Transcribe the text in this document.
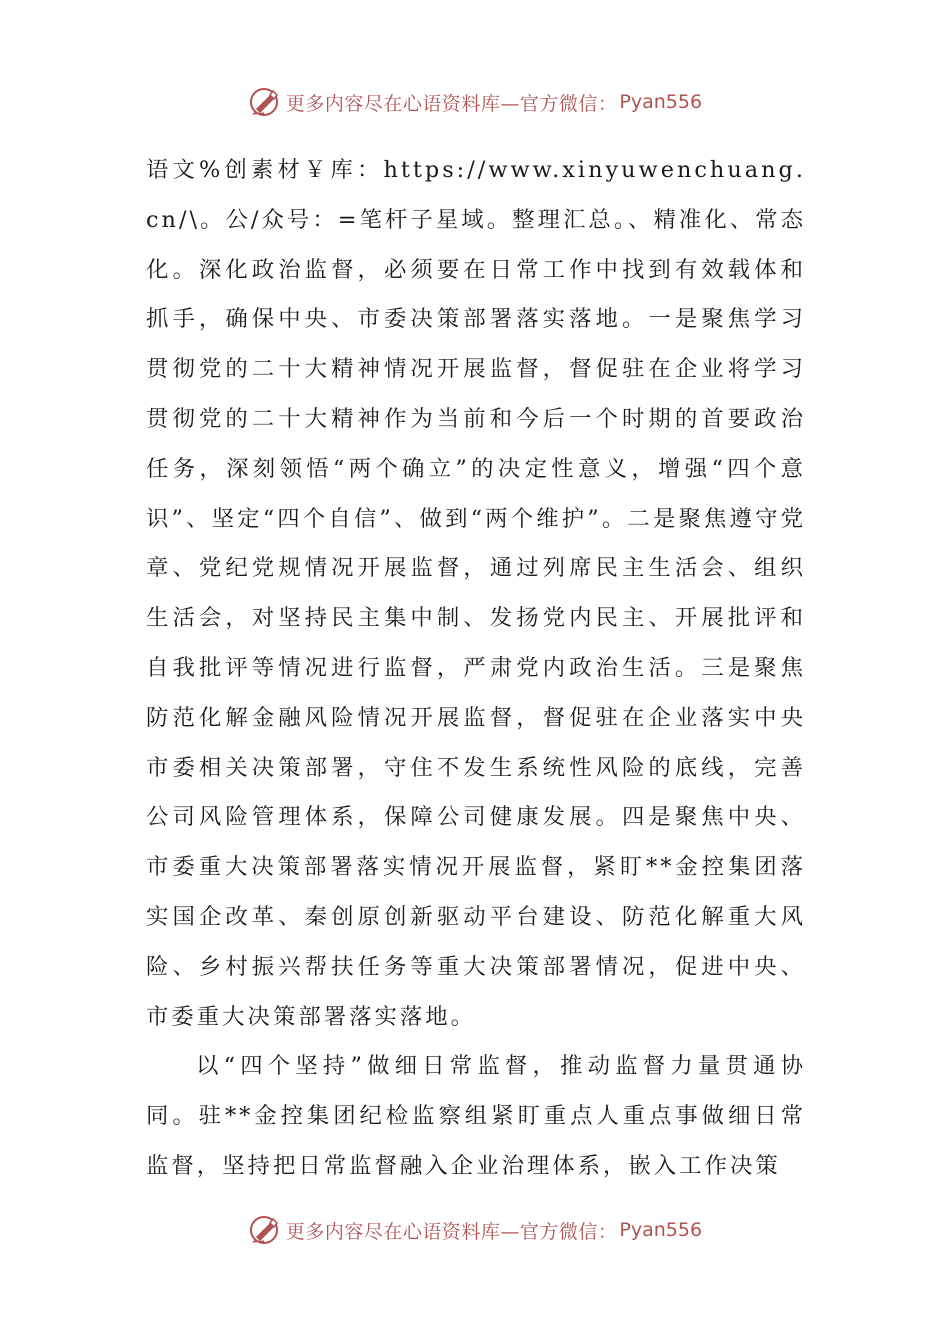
更多内容尽在心语资料库—官方微信： Pyan556

语文%创素材￥库：https://www.xinyuwenchuang.cn/\。公/众号：=笔杆子星域。整理汇总。、精准化、常态化。深化政治监督，必须要在日常工作中找到有效载体和抓手，确保中央、市委决策部署落实落地。一是聚焦学习贯彻党的二十大精神情况开展监督，督促驻在企业将学习贯彻党的二十大精神作为当前和今后一个时期的首要政治任务，深刻领悟“两个确立”的决定性意义，增强“四个意识”、坚定“四个自信”、做到“两个维护”。二是聚焦遵守党章、党纪党规情况开展监督，通过列席民主生活会、组织生活会，对坚持民主集中制、发扬党内民主、开展批评和自我批评等情况进行监督，严肃党内政治生活。三是聚焦防范化解金融风险情况开展监督，督促驻在企业落实中央市委相关决策部署，守住不发生系统性风险的底线，完善公司风险管理体系，保障公司健康发展。四是聚焦中央、市委重大决策部署落实情况开展监督，紧盯**金控集团落实国企改革、秦创原创新驱动平台建设、防范化解重大风险、乡村振兴帮扶任务等重大决策部署情况，促进中央、市委重大决策部署落实落地。

以“四个坚持”做细日常监督，推动监督力量贯通协同。驻**金控集团纪检监察组紧盯重点人重点事做细日常监督，坚持把日常监督融入企业治理体系，嵌入工作决策

更多内容尽在心语资料库—官方微信： Pyan556
